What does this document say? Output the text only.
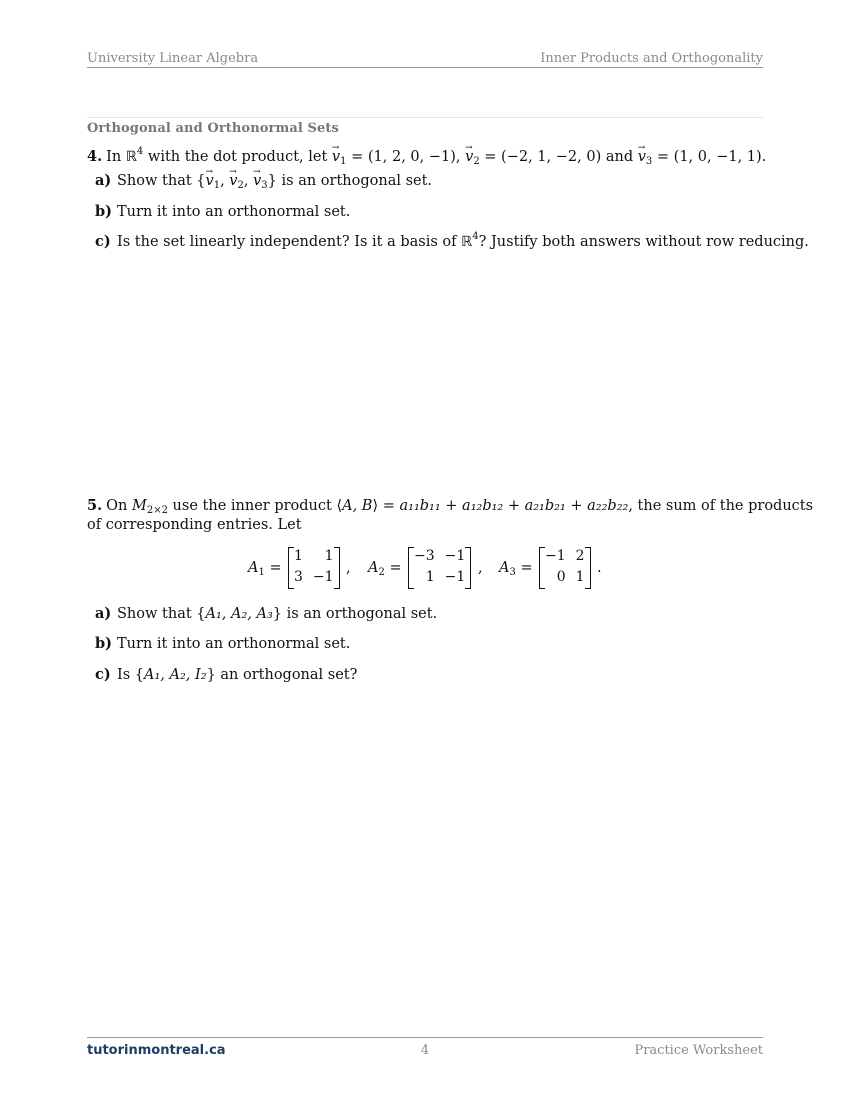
University Linear Algebra	Inner Products and Orthogonality
Orthogonal and Orthonormal Sets
4. In ℝ$^4$ with the dot product, let → $v_1 = (1$, 2, 0, −1), → $v_2 = (-2$, 1, −2, 0) and → $v_3 = (1$, 0, −1, 1).
a) Show that {→ $v_1$, → $v_2$, → $v_3$} is an orthogonal set.
b) Turn it into an orthonormal set.
c) Is the set linearly independent? Is it a basis of ℝ$^4$? Justify both answers without row reducing.
5. On $M_{2\times 2}$ use the inner product ⟨A, B⟩ = a₁₁b₁₁ + a₁₂b₁₂ + a₂₁b₂₁ + a₂₂b₂₂, the sum of the products
of corresponding entries. Let
$A_1$ =
1	1
3 −1
, $A_2$ =
−3 −1
1 −1
, $A_3$ =
−1 2
0 1
.
a) Show that {A₁, A₂, A₃} is an orthogonal set.
b) Turn it into an orthonormal set.
c) Is {A₁, A₂, I₂} an orthogonal set?
tutorinmontreal.ca	4	Practice Worksheet
